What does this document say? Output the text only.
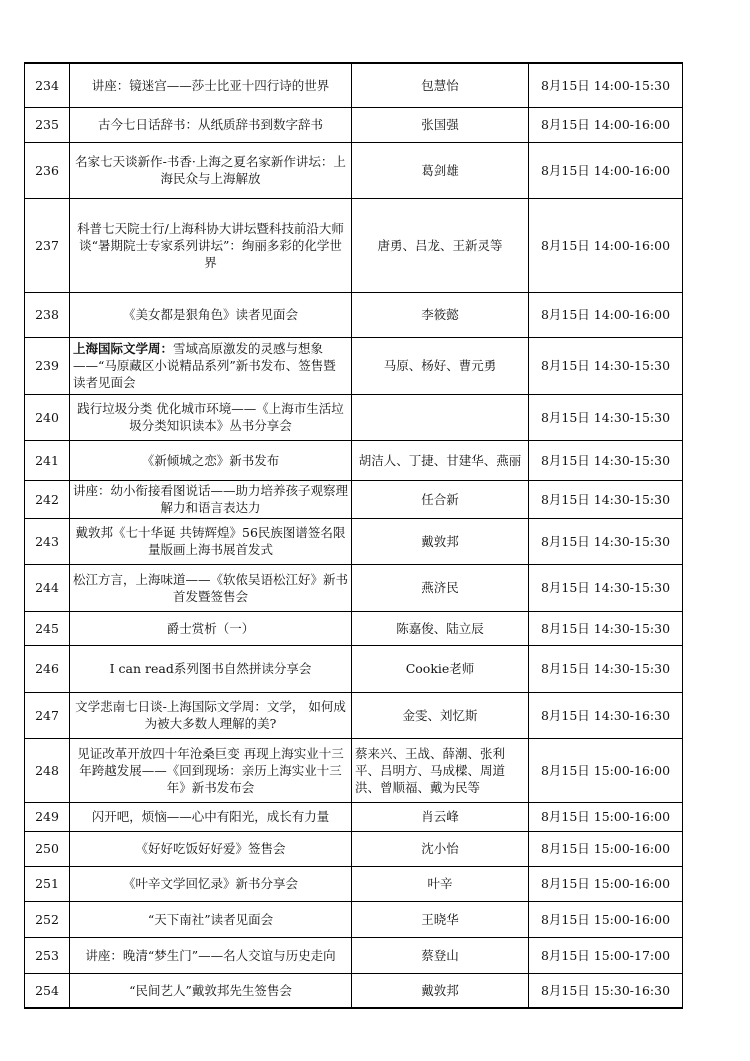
234	讲座：镜迷宫——莎士比亚十四行诗的世界	包慧怡	8月15日 14:00-15:30
235	古今七日话辞书：从纸质辞书到数字辞书	张国强	8月15日 14:00-16:00
236	名家七天谈新作-书香·上海之夏名家新作讲坛：上海民众与上海解放	葛剑雄	8月15日 14:00-16:00
237	科普七天院士行/上海科协大讲坛暨科技前沿大师谈“暑期院士专家系列讲坛”：绚丽多彩的化学世界	唐勇、吕龙、王新灵等	8月15日 14:00-16:00
238	《美女都是狠角色》读者见面会	李筱懿	8月15日 14:00-16:00
239	上海国际文学周：雪域高原激发的灵感与想象——“马原藏区小说精品系列”新书发布、签售暨读者见面会	马原、杨好、曹元勇	8月15日 14:30-15:30
240	践行垃圾分类 优化城市环境——《上海市生活垃圾分类知识读本》丛书分享会		8月15日 14:30-15:30
241	《新倾城之恋》新书发布	胡洁人、丁捷、甘建华、燕丽	8月15日 14:30-15:30
242	讲座：幼小衔接看图说话——助力培养孩子观察理解力和语言表达力	任合新	8月15日 14:30-15:30
243	戴敦邦《七十华诞 共铸辉煌》56民族图谱签名限量版画上海书展首发式	戴敦邦	8月15日 14:30-15:30
244	松江方言，上海味道——《软侬吴语松江好》新书首发暨签售会	燕济民	8月15日 14:30-15:30
245	爵士赏析（一）	陈嘉俊、陆立辰	8月15日 14:30-15:30
246	I can read系列图书自然拼读分享会	Cookie老师	8月15日 14:30-15:30
247	文学悲南七日谈-上海国际文学周：文学， 如何成为被大多数人理解的美?	金雯、刘忆斯	8月15日 14:30-16:30
248	见证改革开放四十年沧桑巨变 再现上海实业十三年跨越发展——《回到现场：亲历上海实业十三年》新书发布会	蔡来兴、王战、薛潮、张利平、吕明方、马成樑、周道洪、曾顺福、戴为民等	8月15日 15:00-16:00
249	闪开吧，烦恼——心中有阳光，成长有力量	肖云峰	8月15日 15:00-16:00
250	《好好吃饭好好爱》签售会	沈小怡	8月15日 15:00-16:00
251	《叶辛文学回忆录》新书分享会	叶辛	8月15日 15:00-16:00
252	“天下南社”读者见面会	王晓华	8月15日 15:00-16:00
253	讲座：晚清“梦生门”——名人交谊与历史走向	蔡登山	8月15日 15:00-17:00
254	“民间艺人”戴敦邦先生签售会	戴敦邦	8月15日 15:30-16:30
